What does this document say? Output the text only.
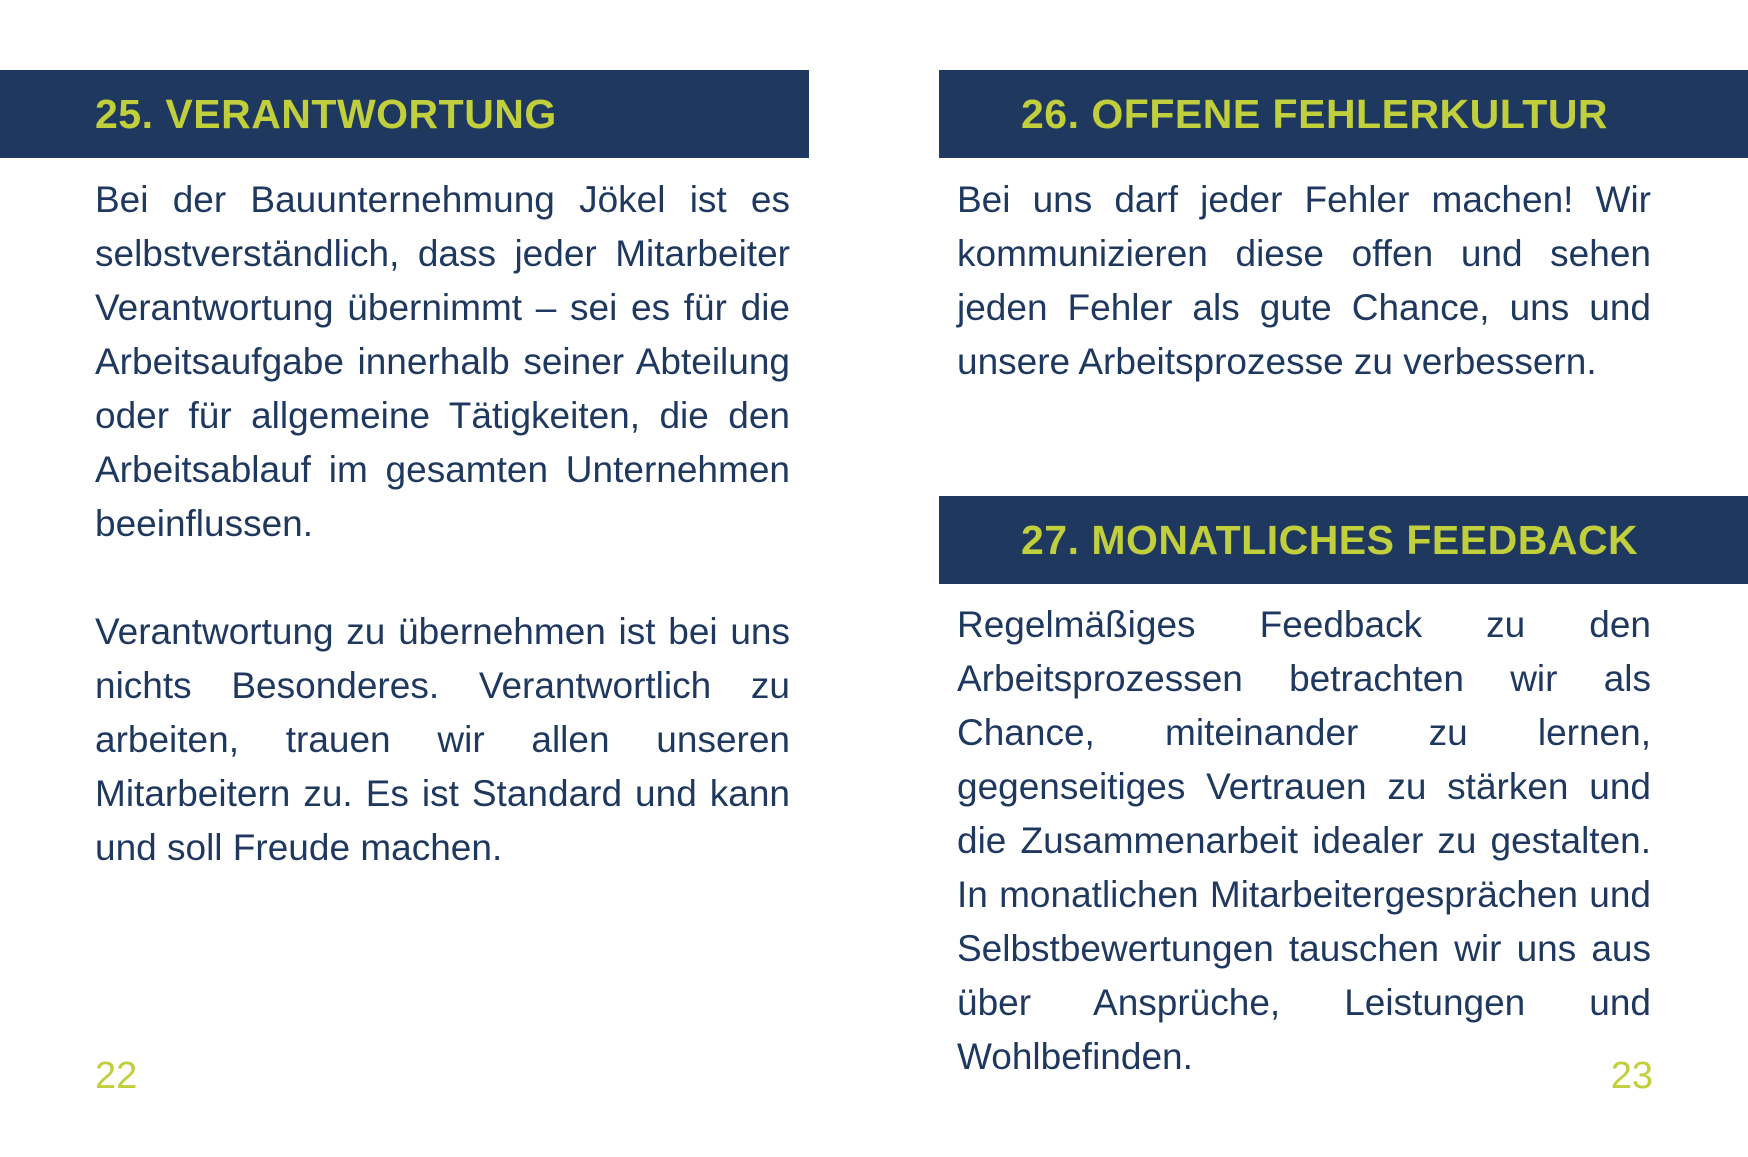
25. VERANTWORTUNG

Bei der Bauunternehmung Jökel ist es selbstverständlich, dass jeder Mitarbeiter Verantwortung übernimmt – sei es für die Arbeitsaufgabe innerhalb seiner Abteilung oder für allgemeine Tätigkeiten, die den Arbeitsablauf im gesamten Unternehmen beeinflussen.

Verantwortung zu übernehmen ist bei uns nichts Besonderes. Verantwortlich zu arbeiten, trauen wir allen unseren Mitarbeitern zu. Es ist Standard und kann und soll Freude machen.

22
26. OFFENE FEHLERKULTUR

Bei uns darf jeder Fehler machen! Wir kommunizieren diese offen und sehen jeden Fehler als gute Chance, uns und unsere Arbeitsprozesse zu verbessern.

27. MONATLICHES FEEDBACK

Regelmäßiges Feedback zu den Arbeitsprozessen betrachten wir als Chance, miteinander zu lernen, gegenseitiges Vertrauen zu stärken und die Zusammenarbeit idealer zu gestalten. In monatlichen Mitarbeitergesprächen und Selbstbewertungen tauschen wir uns aus über Ansprüche, Leistungen und Wohlbefinden.	23
